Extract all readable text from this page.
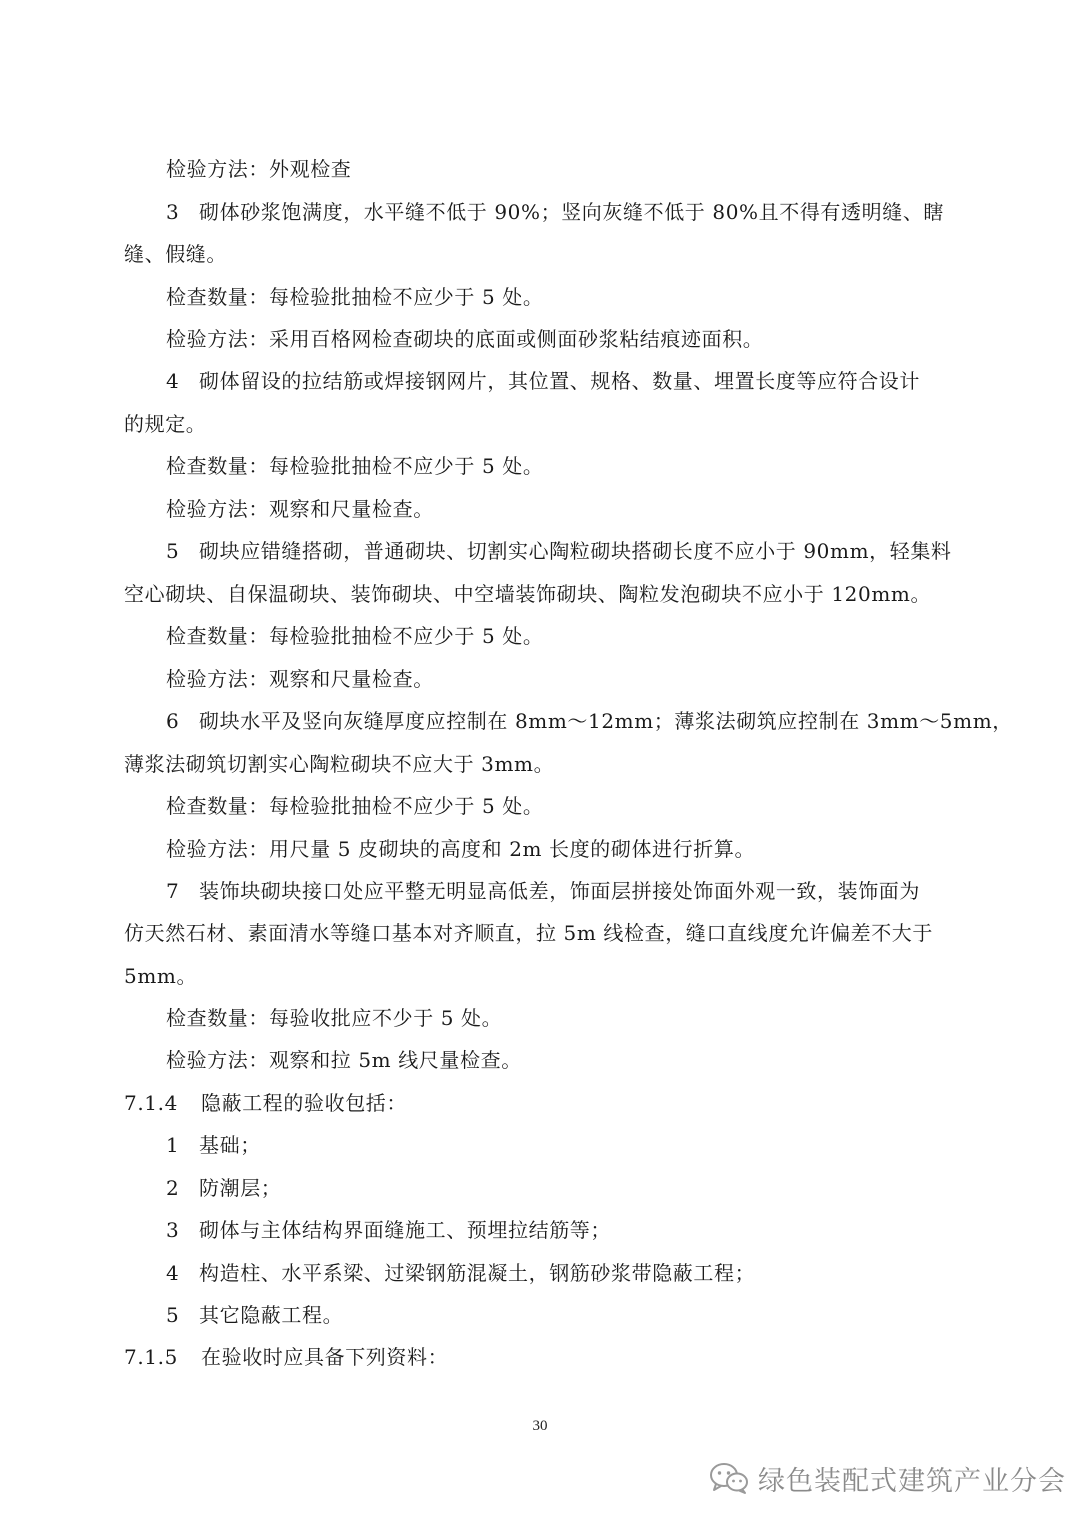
检验方法：外观检查
3 砌体砂浆饱满度，水平缝不低于 90%；竖向灰缝不低于 80%且不得有透明缝、瞎
缝、假缝。
检查数量：每检验批抽检不应少于 5 处。
检验方法：采用百格网检查砌块的底面或侧面砂浆粘结痕迹面积。
4 砌体留设的拉结筋或焊接钢网片，其位置、规格、数量、埋置长度等应符合设计
的规定。
检查数量：每检验批抽检不应少于 5 处。
检验方法：观察和尺量检查。
5 砌块应错缝搭砌，普通砌块、切割实心陶粒砌块搭砌长度不应小于 90mm，轻集料
空心砌块、自保温砌块、装饰砌块、中空墙装饰砌块、陶粒发泡砌块不应小于 120mm。
检查数量：每检验批抽检不应少于 5 处。
检验方法：观察和尺量检查。
6 砌块水平及竖向灰缝厚度应控制在 8mm～12mm；薄浆法砌筑应控制在 3mm～5mm，
薄浆法砌筑切割实心陶粒砌块不应大于 3mm。
检查数量：每检验批抽检不应少于 5 处。
检验方法：用尺量 5 皮砌块的高度和 2m 长度的砌体进行折算。
7 装饰块砌块接口处应平整无明显高低差，饰面层拼接处饰面外观一致，装饰面为
仿天然石材、素面清水等缝口基本对齐顺直，拉 5m 线检查，缝口直线度允许偏差不大于
5mm。
检查数量：每验收批应不少于 5 处。
检验方法：观察和拉 5m 线尺量检查。
7.1.4 隐蔽工程的验收包括：
1 基础；
2 防潮层；
3 砌体与主体结构界面缝施工、预埋拉结筋等；
4 构造柱、水平系梁、过梁钢筋混凝土，钢筋砂浆带隐蔽工程；
5 其它隐蔽工程。
7.1.5 在验收时应具备下列资料：
30
绿色装配式建筑产业分会
